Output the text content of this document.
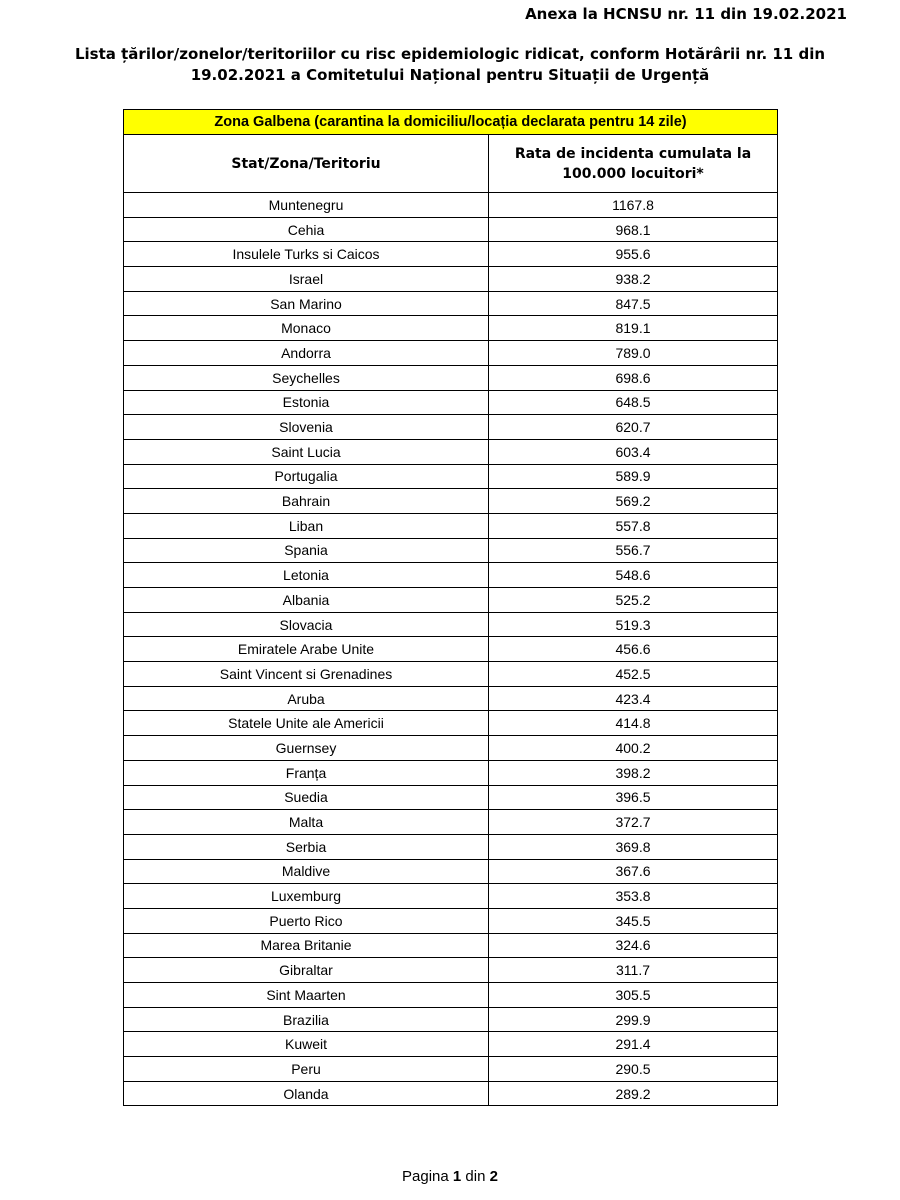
Anexa la HCNSU nr. 11 din 19.02.2021
Lista țărilor/zonelor/teritoriilor cu risc epidemiologic ridicat, conform Hotărârii nr. 11 din
19.02.2021 a Comitetului Național pentru Situații de Urgență
Zona Galbena (carantina la domiciliu/locația declarata pentru 14 zile)	
Stat/Zona/Teritoriu	Rata de incidenta cumulata la 100.000 locuitori*
Muntenegru	1167.8
Cehia	968.1
Insulele Turks si Caicos	955.6
Israel	938.2
San Marino	847.5
Monaco	819.1
Andorra	789.0
Seychelles	698.6
Estonia	648.5
Slovenia	620.7
Saint Lucia	603.4
Portugalia	589.9
Bahrain	569.2
Liban	557.8
Spania	556.7
Letonia	548.6
Albania	525.2
Slovacia	519.3
Emiratele Arabe Unite	456.6
Saint Vincent si Grenadines	452.5
Aruba	423.4
Statele Unite ale Americii	414.8
Guernsey	400.2
Franța	398.2
Suedia	396.5
Malta	372.7
Serbia	369.8
Maldive	367.6
Luxemburg	353.8
Puerto Rico	345.5
Marea Britanie	324.6
Gibraltar	311.7
Sint Maarten	305.5
Brazilia	299.9
Kuweit	291.4
Peru	290.5
Olanda	289.2
Pagina 1 din 2
